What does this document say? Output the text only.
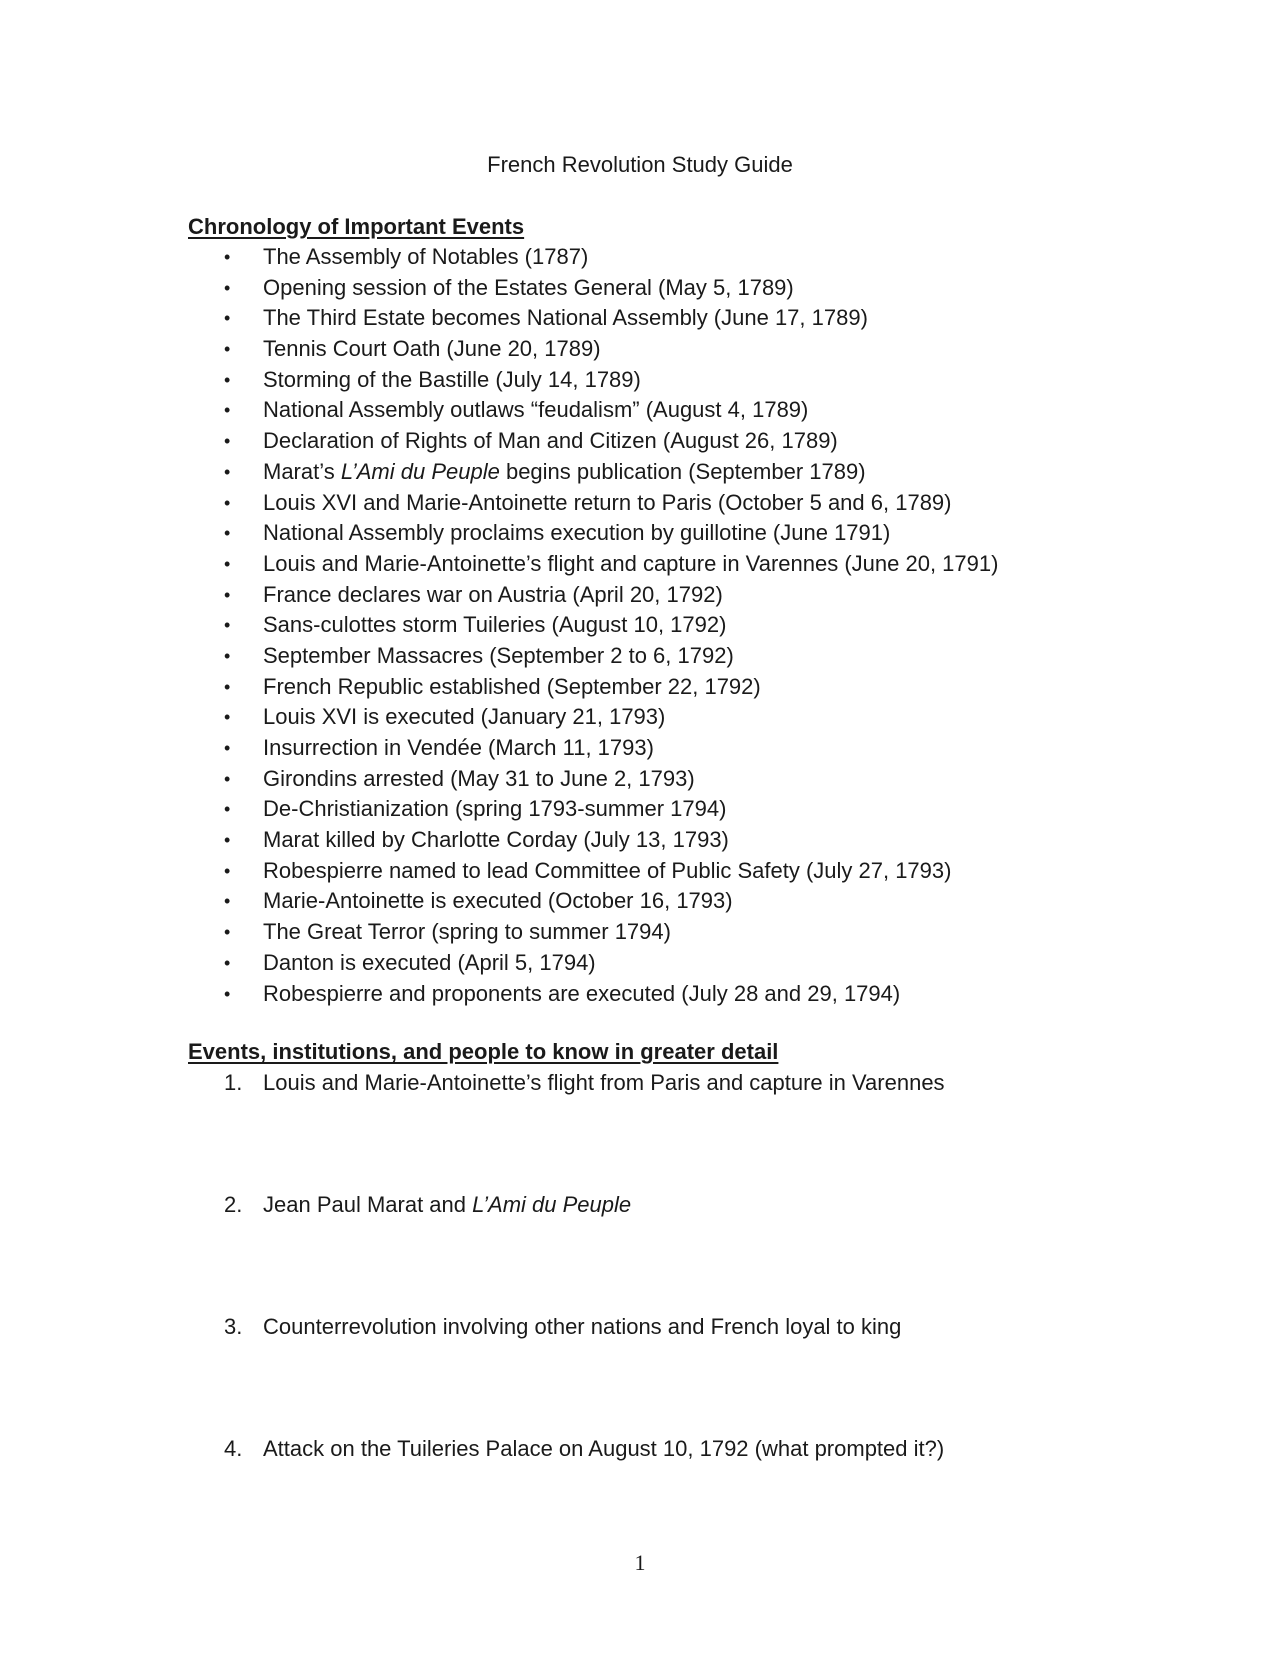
French Revolution Study Guide
Chronology of Important Events
• The Assembly of Notables (1787)
• Opening session of the Estates General (May 5, 1789)
• The Third Estate becomes National Assembly (June 17, 1789)
• Tennis Court Oath (June 20, 1789)
• Storming of the Bastille (July 14, 1789)
• National Assembly outlaws “feudalism” (August 4, 1789)
• Declaration of Rights of Man and Citizen (August 26, 1789)
• Marat’s L’Ami du Peuple begins publication (September 1789)
• Louis XVI and Marie-Antoinette return to Paris (October 5 and 6, 1789)
• National Assembly proclaims execution by guillotine (June 1791)
• Louis and Marie-Antoinette’s flight and capture in Varennes (June 20, 1791)
• France declares war on Austria (April 20, 1792)
• Sans-culottes storm Tuileries (August 10, 1792)
• September Massacres (September 2 to 6, 1792)
• French Republic established (September 22, 1792)
• Louis XVI is executed (January 21, 1793)
• Insurrection in Vendée (March 11, 1793)
• Girondins arrested (May 31 to June 2, 1793)
• De-Christianization (spring 1793-summer 1794)
• Marat killed by Charlotte Corday (July 13, 1793)
• Robespierre named to lead Committee of Public Safety (July 27, 1793)
• Marie-Antoinette is executed (October 16, 1793)
• The Great Terror (spring to summer 1794)
• Danton is executed (April 5, 1794)
• Robespierre and proponents are executed (July 28 and 29, 1794)
Events, institutions, and people to know in greater detail
1. Louis and Marie-Antoinette’s flight from Paris and capture in Varennes
2. Jean Paul Marat and L’Ami du Peuple
3. Counterrevolution involving other nations and French loyal to king
4. Attack on the Tuileries Palace on August 10, 1792 (what prompted it?)
1
